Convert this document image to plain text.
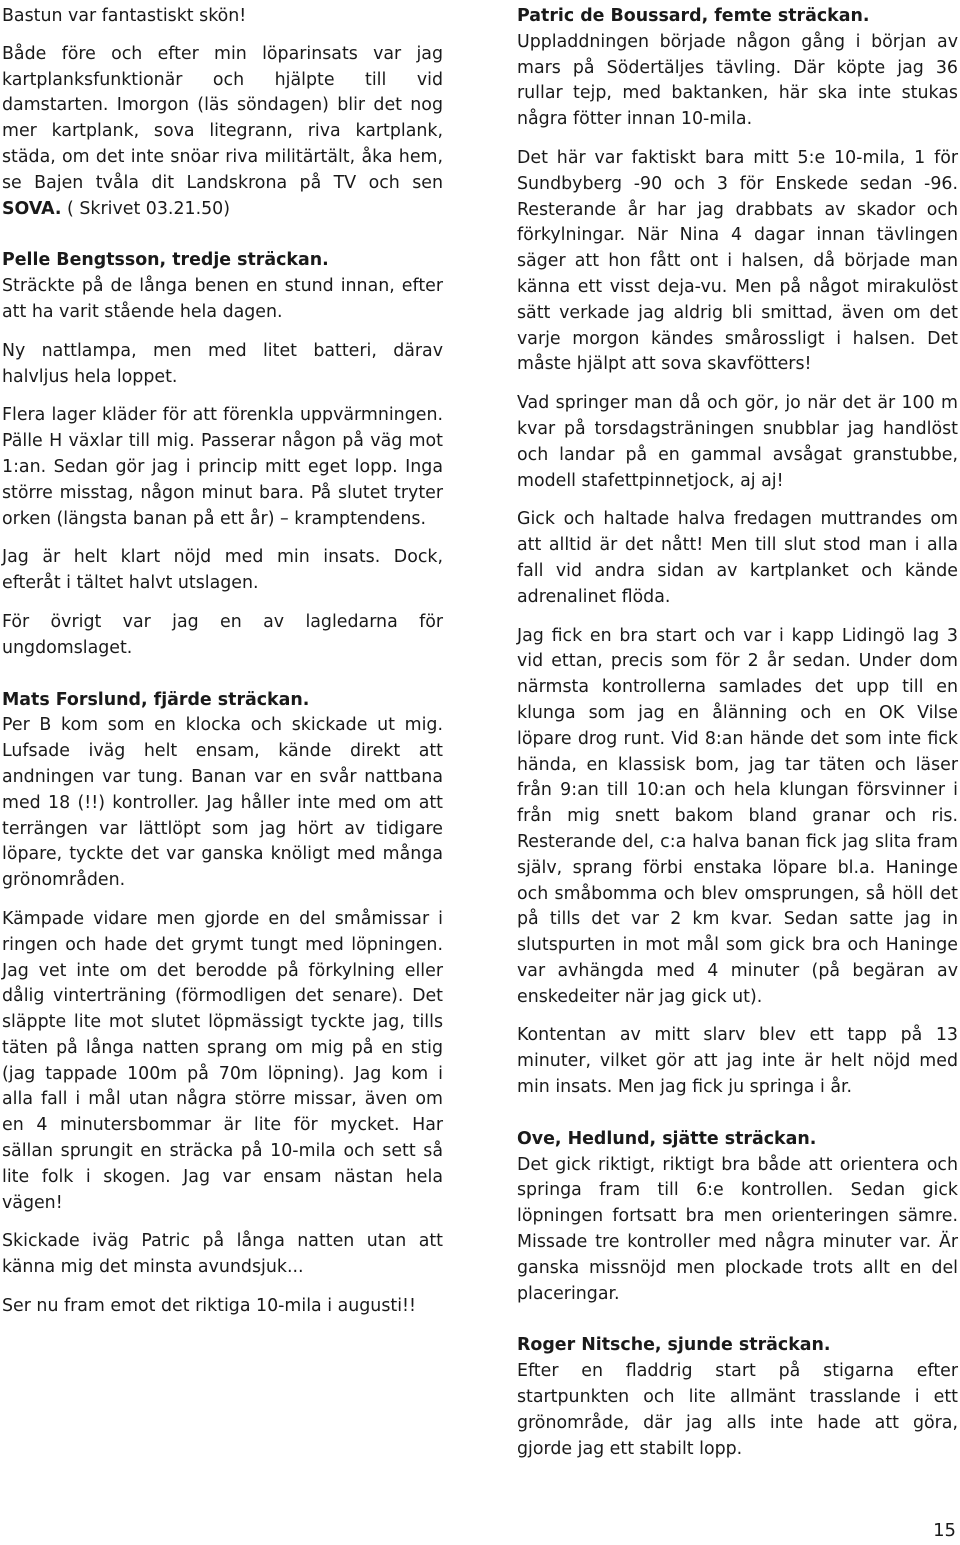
Bastun var fantastiskt skön!

Både före och efter min löparinsats var jag kartplanksfunktionär och hjälpte till vid damstarten. Imorgon (läs söndagen) blir det nog mer kartplank, sova litegrann, riva kartplank, städa, om det inte snöar riva militärtält, åka hem, se Bajen tvåla dit Landskrona på TV och sen SOVA. ( Skrivet 03.21.50)

Pelle Bengtsson, tredje sträckan.
Sträckte på de långa benen en stund innan, efter att ha varit stående hela dagen.

Ny nattlampa, men med litet batteri, därav halvljus hela loppet.

Flera lager kläder för att förenkla uppvärmningen. Pälle H växlar till mig. Passerar någon på väg mot 1:an. Sedan gör jag i princip mitt eget lopp. Inga större misstag, någon minut bara. På slutet tryter orken (längsta banan på ett år) – kramptendens.

Jag är helt klart nöjd med min insats. Dock, efteråt i tältet halvt utslagen.

För övrigt var jag en av lagledarna för ungdomslaget.

Mats Forslund, fjärde sträckan.
Per B kom som en klocka och skickade ut mig. Lufsade iväg helt ensam, kände direkt att andningen var tung. Banan var en svår nattbana med 18 (!!) kontroller. Jag håller inte med om att terrängen var lättlöpt som jag hört av tidigare löpare, tyckte det var ganska knöligt med många grönområden.

Kämpade vidare men gjorde en del småmissar i ringen och hade det grymt tungt med löpningen. Jag vet inte om det berodde på förkylning eller dålig vinterträning (förmodligen det senare). Det släppte lite mot slutet löpmässigt tyckte jag, tills täten på långa natten sprang om mig på en stig (jag tappade 100m på 70m löpning). Jag kom i alla fall i mål utan några större missar, även om en 4 minutersbommar är lite för mycket. Har sällan sprungit en sträcka på 10-mila och sett så lite folk i skogen. Jag var ensam nästan hela vägen!

Skickade iväg Patric på långa natten utan att känna mig det minsta avundsjuk...

Ser nu fram emot det riktiga 10-mila i augusti!!

Patric de Boussard, femte sträckan.
Uppladdningen började någon gång i början av mars på Södertäljes tävling. Där köpte jag 36 rullar tejp, med baktanken, här ska inte stukas några fötter innan 10-mila.

Det här var faktiskt bara mitt 5:e 10-mila, 1 för Sundbyberg -90 och 3 för Enskede sedan -96. Resterande år har jag drabbats av skador och förkylningar. När Nina 4 dagar innan tävlingen säger att hon fått ont i halsen, då började man känna ett visst deja-vu. Men på något mirakulöst sätt verkade jag aldrig bli smittad, även om det varje morgon kändes smårossligt i halsen. Det måste hjälpt att sova skavfötters!

Vad springer man då och gör, jo när det är 100 m kvar på torsdagsträningen snubblar jag handlöst och landar på en gammal avsågat granstubbe, modell stafettpinnetjock, aj aj!

Gick och haltade halva fredagen muttrandes om att alltid är det nått! Men till slut stod man i alla fall vid andra sidan av kartplanket och kände adrenalinet flöda.

Jag fick en bra start och var i kapp Lidingö lag 3 vid ettan, precis som för 2 år sedan. Under dom närmsta kontrollerna samlades det upp till en klunga som jag en ålänning och en OK Vilse löpare drog runt. Vid 8:an hände det som inte fick hända, en klassisk bom, jag tar täten och läser från 9:an till 10:an och hela klungan försvinner i från mig snett bakom bland granar och ris. Resterande del, c:a halva banan fick jag slita fram själv, sprang förbi enstaka löpare bl.a. Haninge och småbomma och blev omsprungen, så höll det på tills det var 2 km kvar. Sedan satte jag in slutspurten in mot mål som gick bra och Haninge var avhängda med 4 minuter (på begäran av enskedeiter när jag gick ut).

Kontentan av mitt slarv blev ett tapp på 13 minuter, vilket gör att jag inte är helt nöjd med min insats. Men jag fick ju springa i år.

Ove, Hedlund, sjätte sträckan.
Det gick riktigt, riktigt bra både att orientera och springa fram till 6:e kontrollen. Sedan gick löpningen fortsatt bra men orienteringen sämre. Missade tre kontroller med några minuter var. Är ganska missnöjd men plockade trots allt en del placeringar.

Roger Nitsche, sjunde sträckan.
Efter en fladdrig start på stigarna efter startpunkten och lite allmänt trasslande i ett grönområde, där jag alls inte hade att göra, gjorde jag ett stabilt lopp.

15
